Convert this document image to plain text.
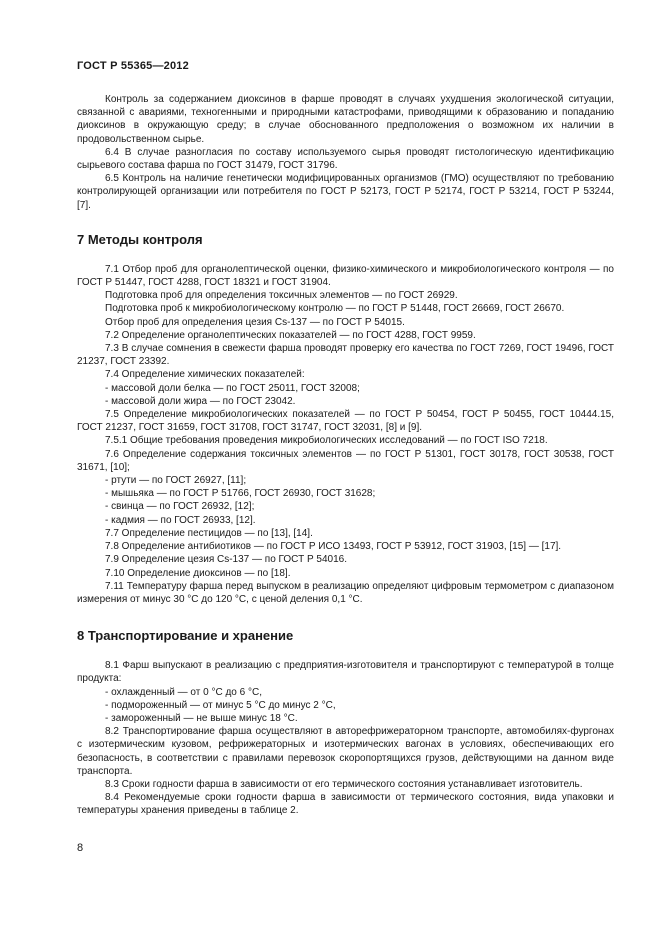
ГОСТ Р 55365—2012

Контроль за содержанием диоксинов в фарше проводят в случаях ухудшения экологической ситуации, связанной с авариями, техногенными и природными катастрофами, приводящими к образованию и попаданию диоксинов в окружающую среду; в случае обоснованного предположения о возможном их наличии в продовольственном сырье.

6.4 В случае разногласия по составу используемого сырья проводят гистологическую идентификацию сырьевого состава фарша по ГОСТ 31479, ГОСТ 31796.

6.5 Контроль на наличие генетически модифицированных организмов (ГМО) осуществляют по требованию контролирующей организации или потребителя по ГОСТ Р 52173, ГОСТ Р 52174, ГОСТ Р 53214, ГОСТ Р 53244, [7].

7 Методы контроля

7.1 Отбор проб для органолептической оценки, физико-химического и микробиологического контроля — по ГОСТ Р 51447, ГОСТ 4288, ГОСТ 18321 и ГОСТ 31904.

Подготовка проб для определения токсичных элементов — по ГОСТ 26929.

Подготовка проб к микробиологическому контролю — по ГОСТ Р 51448, ГОСТ 26669, ГОСТ 26670.

Отбор проб для определения цезия Cs-137 — по ГОСТ Р 54015.

7.2 Определение органолептических показателей — по ГОСТ 4288, ГОСТ 9959.

7.3 В случае сомнения в свежести фарша проводят проверку его качества по ГОСТ 7269, ГОСТ 19496, ГОСТ 21237, ГОСТ 23392.

7.4 Определение химических показателей:

- массовой доли белка — по ГОСТ 25011, ГОСТ 32008;

- массовой доли жира — по ГОСТ 23042.

7.5 Определение микробиологических показателей — по ГОСТ Р 50454, ГОСТ Р 50455, ГОСТ 10444.15, ГОСТ 21237, ГОСТ 31659, ГОСТ 31708, ГОСТ 31747, ГОСТ 32031, [8] и [9].

7.5.1 Общие требования проведения микробиологических исследований — по ГОСТ ISO 7218.

7.6 Определение содержания токсичных элементов — по ГОСТ Р 51301, ГОСТ 30178, ГОСТ 30538, ГОСТ 31671, [10];

- ртути — по ГОСТ 26927, [11];

- мышьяка — по ГОСТ Р 51766, ГОСТ 26930, ГОСТ 31628;

- свинца — по ГОСТ 26932, [12];

- кадмия — по ГОСТ 26933, [12].

7.7 Определение пестицидов — по [13], [14].

7.8 Определение антибиотиков — по ГОСТ Р ИСО 13493, ГОСТ Р 53912, ГОСТ 31903, [15] — [17].

7.9 Определение цезия Cs-137 — по ГОСТ Р 54016.

7.10 Определение диоксинов — по [18].

7.11 Температуру фарша перед выпуском в реализацию определяют цифровым термометром с диапазоном измерения от минус 30 °С до 120 °С, с ценой деления 0,1 °С.

8 Транспортирование и хранение

8.1 Фарш выпускают в реализацию с предприятия-изготовителя и транспортируют с температурой в толще продукта:

- охлажденный — от 0 °С до 6 °С,

- подмороженный — от минус 5 °С до минус 2 °С,

- замороженный — не выше минус 18 °С.

8.2 Транспортирование фарша осуществляют в авторефрижераторном транспорте, автомобилях-фургонах с изотермическим кузовом, рефрижераторных и изотермических вагонах в условиях, обеспечивающих его безопасность, в соответствии с правилами перевозок скоропортящихся грузов, действующими на данном виде транспорта.

8.3 Сроки годности фарша в зависимости от его термического состояния устанавливает изготовитель.

8.4 Рекомендуемые сроки годности фарша в зависимости от термического состояния, вида упаковки и температуры хранения приведены в таблице 2.

8
